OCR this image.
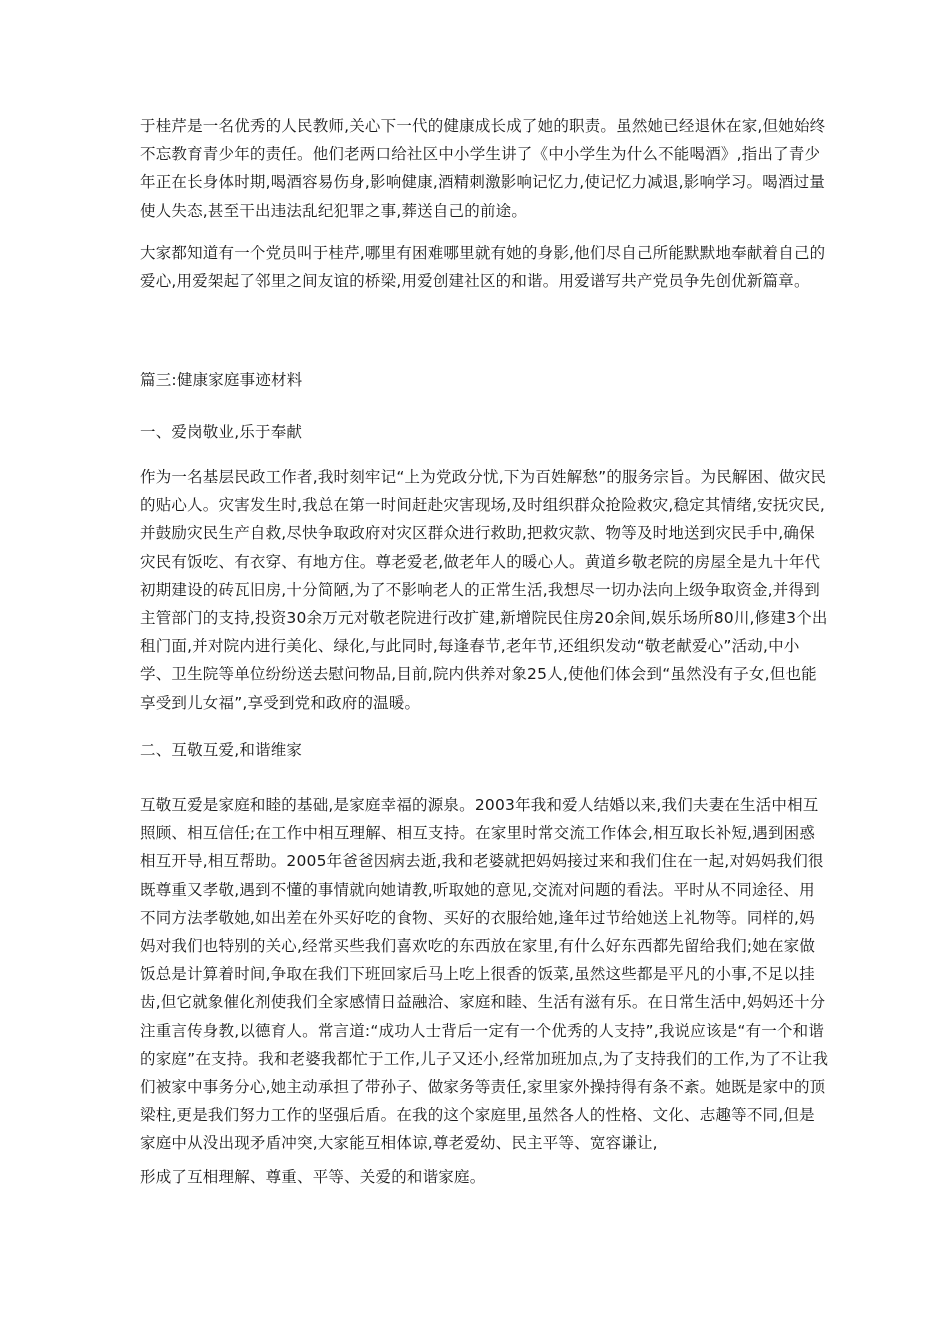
于桂芹是一名优秀的人民教师,关心下一代的健康成长成了她的职责。虽然她已经退休在家,但她始终不忘教育青少年的责任。他们老两口给社区中小学生讲了《中小学生为什么不能喝酒》,指出了青少年正在长身体时期,喝酒容易伤身,影响健康,酒精刺激影响记忆力,使记忆力减退,影响学习。喝酒过量使人失态,甚至干出违法乱纪犯罪之事,葬送自己的前途。
大家都知道有一个党员叫于桂芹,哪里有困难哪里就有她的身影,他们尽自己所能默默地奉献着自己的爱心,用爱架起了邻里之间友谊的桥梁,用爱创建社区的和谐。用爱谱写共产党员争先创优新篇章。
篇三:健康家庭事迹材料
一、爱岗敬业,乐于奉献
作为一名基层民政工作者,我时刻牢记“上为党政分忧,下为百姓解愁”的服务宗旨。为民解困、做灾民的贴心人。灾害发生时,我总在第一时间赶赴灾害现场,及时组织群众抢险救灾,稳定其情绪,安抚灾民,并鼓励灾民生产自救,尽快争取政府对灾区群众进行救助,把救灾款、物等及时地送到灾民手中,确保灾民有饭吃、有衣穿、有地方住。尊老爱老,做老年人的暖心人。黄道乡敬老院的房屋全是九十年代初期建设的砖瓦旧房,十分简陋,为了不影响老人的正常生活,我想尽一切办法向上级争取资金,并得到主管部门的支持,投资30余万元对敬老院进行改扩建,新增院民住房20余间,娱乐场所80川,修建3个出租门面,并对院内进行美化、绿化,与此同时,每逢春节,老年节,还组织发动“敬老献爱心”活动,中小学、卫生院等单位纷纷送去慰问物品,目前,院内供养对象25人,使他们体会到“虽然没有子女,但也能享受到儿女福”,享受到党和政府的温暖。
二、互敬互爱,和谐维家
互敬互爱是家庭和睦的基础,是家庭幸福的源泉。2003年我和爱人结婚以来,我们夫妻在生活中相互照顾、相互信任;在工作中相互理解、相互支持。在家里时常交流工作体会,相互取长补短,遇到困惑相互开导,相互帮助。2005年爸爸因病去逝,我和老婆就把妈妈接过来和我们住在一起,对妈妈我们很既尊重又孝敬,遇到不懂的事情就向她请教,听取她的意见,交流对问题的看法。平时从不同途径、用不同方法孝敬她,如出差在外买好吃的食物、买好的衣服给她,逢年过节给她送上礼物等。同样的,妈妈对我们也特别的关心,经常买些我们喜欢吃的东西放在家里,有什么好东西都先留给我们;她在家做饭总是计算着时间,争取在我们下班回家后马上吃上很香的饭菜,虽然这些都是平凡的小事,不足以挂齿,但它就象催化剂使我们全家感情日益融洽、家庭和睦、生活有滋有乐。在日常生活中,妈妈还十分注重言传身教,以德育人。常言道:“成功人士背后一定有一个优秀的人支持”,我说应该是“有一个和谐的家庭”在支持。我和老婆我都忙于工作,儿子又还小,经常加班加点,为了支持我们的工作,为了不让我们被家中事务分心,她主动承担了带孙子、做家务等责任,家里家外操持得有条不紊。她既是家中的顶梁柱,更是我们努力工作的坚强后盾。在我的这个家庭里,虽然各人的性格、文化、志趣等不同,但是家庭中从没出现矛盾冲突,大家能互相体谅,尊老爱幼、民主平等、宽容谦让,
形成了互相理解、尊重、平等、关爱的和谐家庭。
